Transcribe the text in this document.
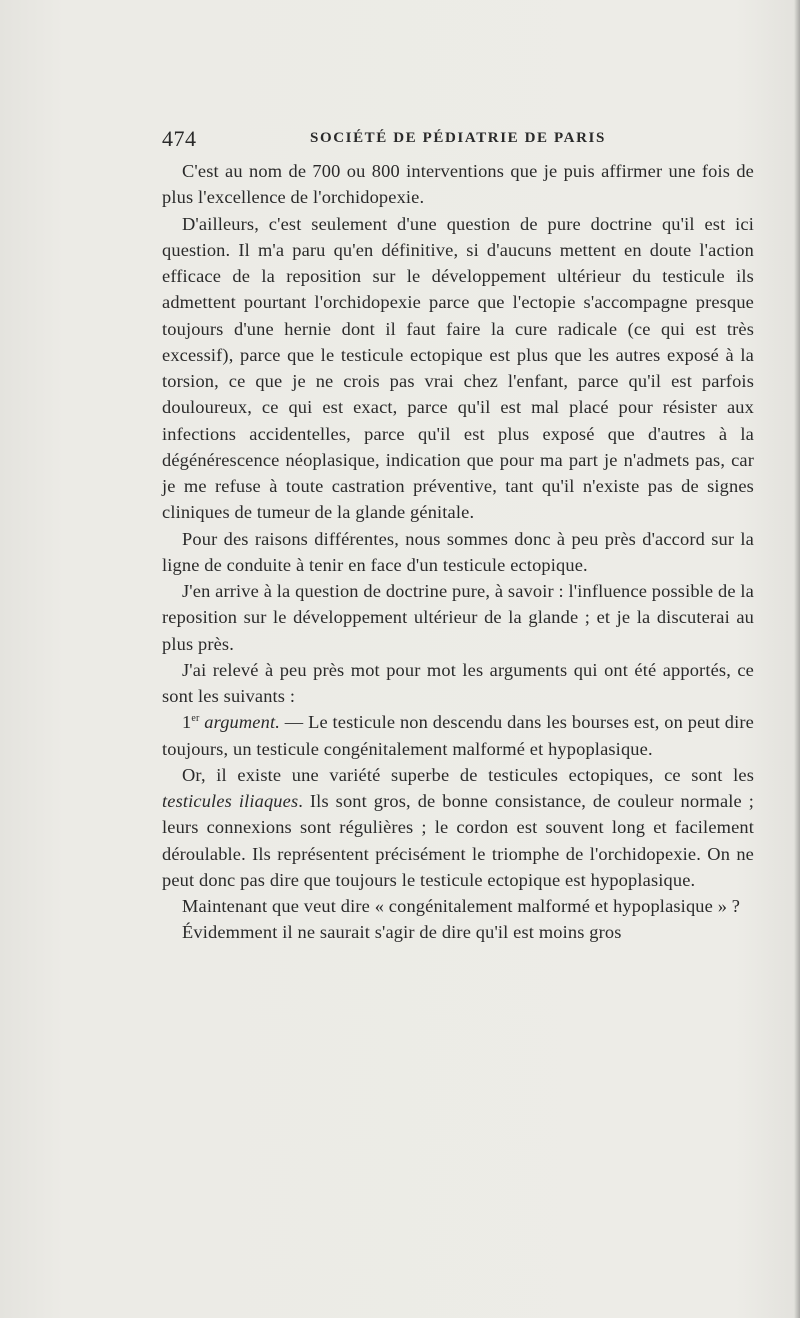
474	SOCIÉTÉ DE PÉDIATRIE DE PARIS

C'est au nom de 700 ou 800 interventions que je puis affirmer une fois de plus l'excellence de l'orchidopexie.

D'ailleurs, c'est seulement d'une question de pure doctrine qu'il est ici question. Il m'a paru qu'en définitive, si d'aucuns mettent en doute l'action efficace de la reposition sur le développement ultérieur du testicule ils admettent pourtant l'orchidopexie parce que l'ectopie s'accompagne presque toujours d'une hernie dont il faut faire la cure radicale (ce qui est très excessif), parce que le testicule ectopique est plus que les autres exposé à la torsion, ce que je ne crois pas vrai chez l'enfant, parce qu'il est parfois douloureux, ce qui est exact, parce qu'il est mal placé pour résister aux infections accidentelles, parce qu'il est plus exposé que d'autres à la dégénérescence néoplasique, indication que pour ma part je n'admets pas, car je me refuse à toute castration préventive, tant qu'il n'existe pas de signes cliniques de tumeur de la glande génitale.

Pour des raisons différentes, nous sommes donc à peu près d'accord sur la ligne de conduite à tenir en face d'un testicule ectopique.

J'en arrive à la question de doctrine pure, à savoir : l'influence possible de la reposition sur le développement ultérieur de la glande ; et je la discuterai au plus près.

J'ai relevé à peu près mot pour mot les arguments qui ont été apportés, ce sont les suivants :

1er argument. — Le testicule non descendu dans les bourses est, on peut dire toujours, un testicule congénitalement malformé et hypoplasique.

Or, il existe une variété superbe de testicules ectopiques, ce sont les testicules iliaques. Ils sont gros, de bonne consistance, de couleur normale ; leurs connexions sont régulières ; le cordon est souvent long et facilement déroulable. Ils représentent précisément le triomphe de l'orchidopexie. On ne peut donc pas dire que toujours le testicule ectopique est hypoplasique.

Maintenant que veut dire « congénitalement malformé et hypoplasique » ?

Évidemment il ne saurait s'agir de dire qu'il est moins gros
